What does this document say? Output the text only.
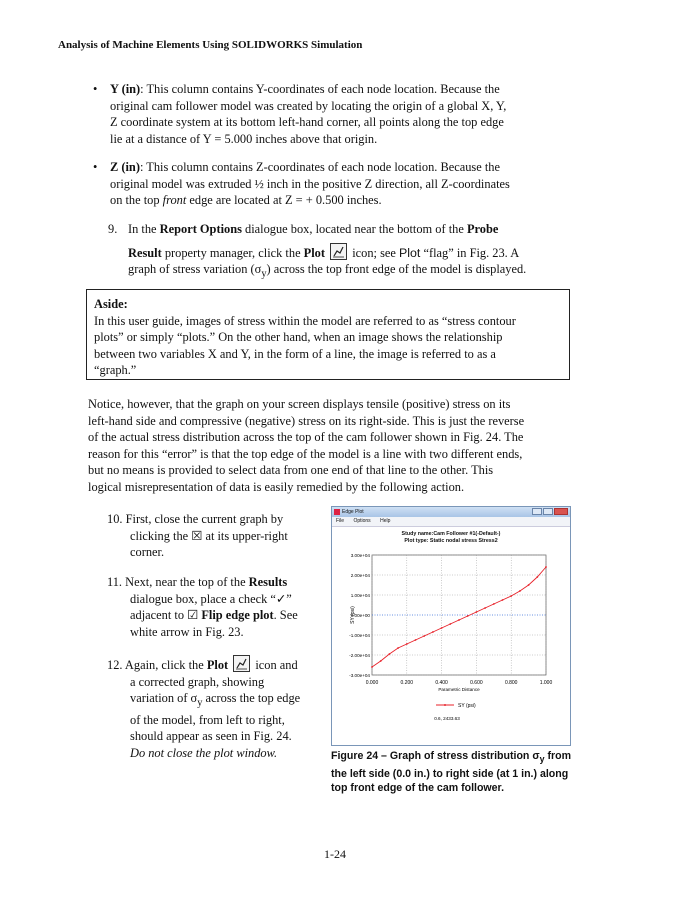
Analysis of Machine Elements Using SOLIDWORKS Simulation
• Y (in): This column contains Y-coordinates of each node location. Because the
original cam follower model was created by locating the origin of a global X, Y,
Z coordinate system at its bottom left-hand corner, all points along the top edge
lie at a distance of Y = 5.000 inches above that origin.
• Z (in): This column contains Z-coordinates of each node location. Because the
original model was extruded ½ inch in the positive Z direction, all Z-coordinates
on the top front edge are located at Z = + 0.500 inches.
9. In the Report Options dialogue box, located near the bottom of the Probe
Result property manager, click the Plot
icon; see Plot “flag” in Fig. 23. A
graph of stress variation $(\sigma_y)$ across the top front edge of the model is displayed.
Aside:
In this user guide, images of stress within the model are referred to as “stress contour
plots” or simply “plots.” On the other hand, when an image shows the relationship
between two variables X and Y, in the form of a line, the image is referred to as a
“graph.”
Notice, however, that the graph on your screen displays tensile (positive) stress on its
left-hand side and compressive (negative) stress on its right-side. This is just the reverse
of the actual stress distribution across the top of the cam follower shown in Fig. 24. The
reason for this “error” is that the top edge of the model is a line with two different ends,
but no means is provided to select data from one end of that line to the other. This
logical misrepresentation of data is easily remedied by the following action.
10. First, close the current graph by
clicking the ☒ at its upper-right
corner.
11. Next, near the top of the Results
dialogue box, place a check “✓”
adjacent to ☑ Flip edge plot. See
white arrow in Fig. 23.
12. Again, click the Plot
icon and
a corrected graph, showing
variation of $\sigma_y$ across the top edge
of the model, from left to right,
should appear as seen in Fig. 24.
Do not close the plot window.
Edge Plot
File Options Help
Study name:Cam Follower #1(-Default-)
Plot type: Static nodal stress Stress2
0.000	0.200	0.400	0.600	0.800	1.000
3.00e+04
2.00e+04
1.00e+04
0.00e+00
-1.00e+04
-2.00e+04
-3.00e+04
SY (psi)
Parametric Distance
SY (psi)
0.6, 2433.63
Figure 24 – Graph of stress distribution $\sigma_y$ from
the left side (0.0 in.) to right side (at 1 in.) along
top front edge of the cam follower.
1-24
